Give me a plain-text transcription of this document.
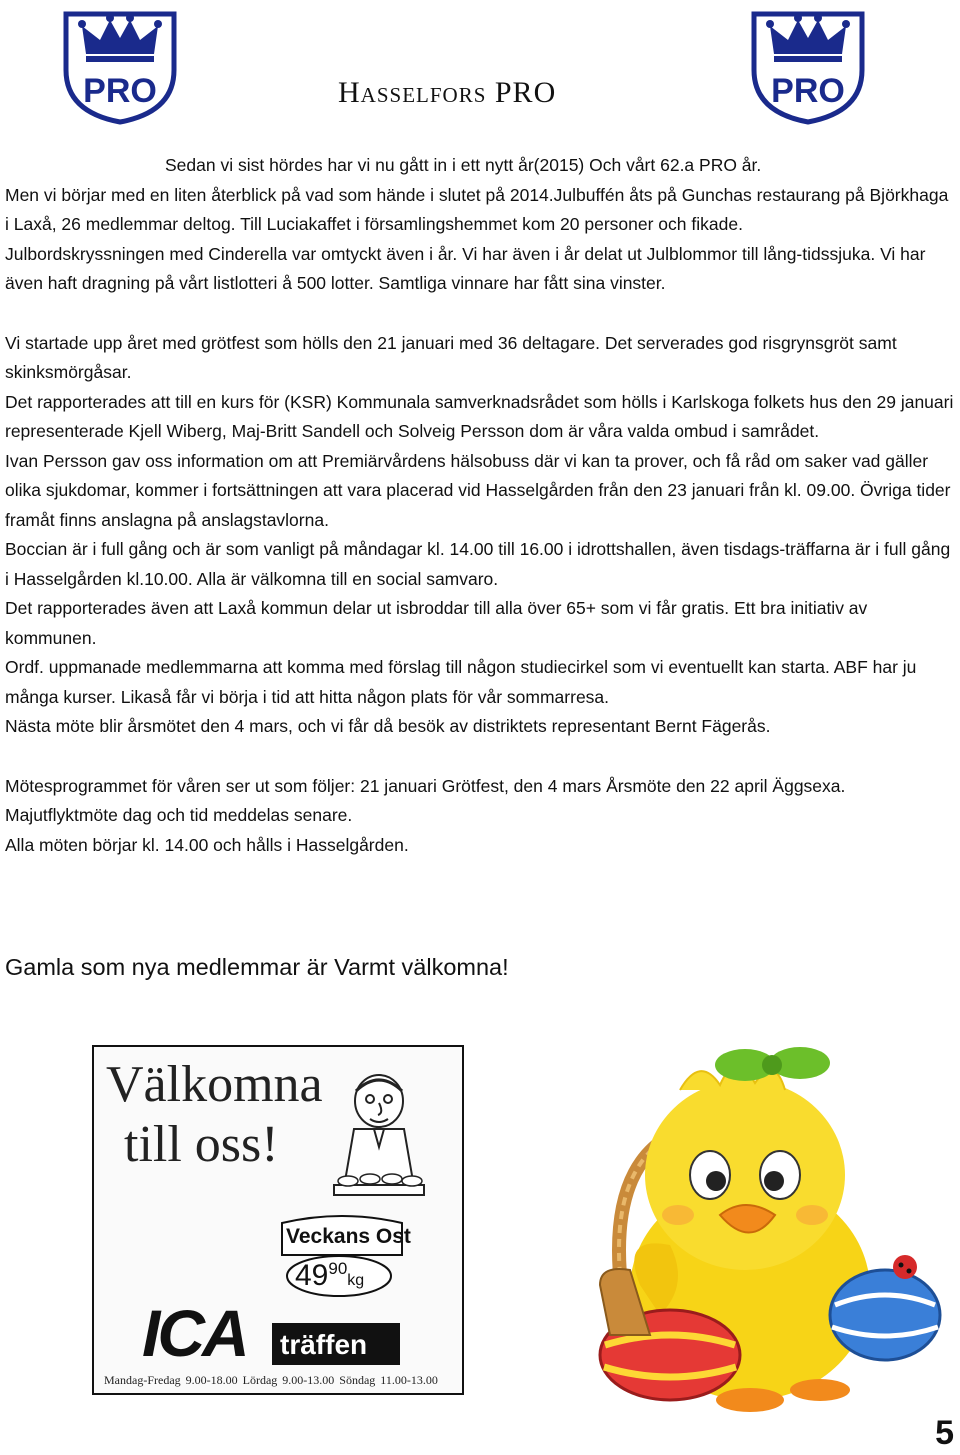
PRO	PRO
Hasselfors PRO

Sedan vi sist hördes har vi nu gått in i ett nytt år(2015) Och vårt 62.a PRO år.

Men vi börjar med en liten återblick på vad som hände i slutet på 2014.Julbuffén åts på Gunchas restaurang på Björkhaga i Laxå, 26 medlemmar deltog. Till Luciakaffet i församlingshemmet kom 20 personer och fikade.

Julbordskryssningen med Cinderella var omtyckt även i år. Vi har även i år delat ut Julblommor till lång-tidssjuka. Vi har även haft dragning på vårt listlotteri å 500 lotter. Samtliga vinnare har fått sina vinster.

Vi startade upp året med grötfest som hölls den 21 januari med 36 deltagare. Det serverades god risgrynsgröt samt skinksmörgåsar.

Det rapporterades att till en kurs för (KSR) Kommunala samverknadsrådet som hölls i Karlskoga folkets hus den 29 januari representerade Kjell Wiberg, Maj-Britt Sandell och Solveig Persson dom är våra valda ombud i samrådet.

Ivan Persson gav oss information om att Premiärvårdens hälsobuss där vi kan ta prover, och få råd om saker vad gäller olika sjukdomar, kommer i fortsättningen att vara placerad vid Hasselgården från den 23 januari från kl. 09.00. Övriga tider framåt finns anslagna på anslagstavlorna.

Boccian är i full gång och är som vanligt på måndagar kl. 14.00 till 16.00 i idrottshallen, även tisdags-träffarna är i full gång i Hasselgården kl.10.00. Alla är välkomna till en social samvaro.

Det rapporterades även att Laxå kommun delar ut isbroddar till alla över 65+ som vi får gratis. Ett bra initiativ av kommunen.

Ordf. uppmanade medlemmarna att komma med förslag till någon studiecirkel som vi eventuellt kan starta. ABF har ju många kurser. Likaså får vi börja i tid att hitta någon plats för vår sommarresa.

Nästa möte blir årsmötet den 4 mars, och vi får då besök av distriktets representant Bernt Fägerås.

Mötesprogrammet för våren ser ut som följer: 21 januari Grötfest, den 4 mars Årsmöte den 22 april Äggsexa. Majutflyktmöte dag och tid meddelas senare.

Alla möten börjar kl. 14.00 och hålls i Hasselgården.

Gamla som nya medlemmar är Varmt välkomna!
Välkomna
till oss!
Veckans Ost
$49^{90}kg$
ICA träffen
Mandag-Fredag 9.00-18.00 Lördag 9.00-13.00 Söndag 11.00-13.00
5
